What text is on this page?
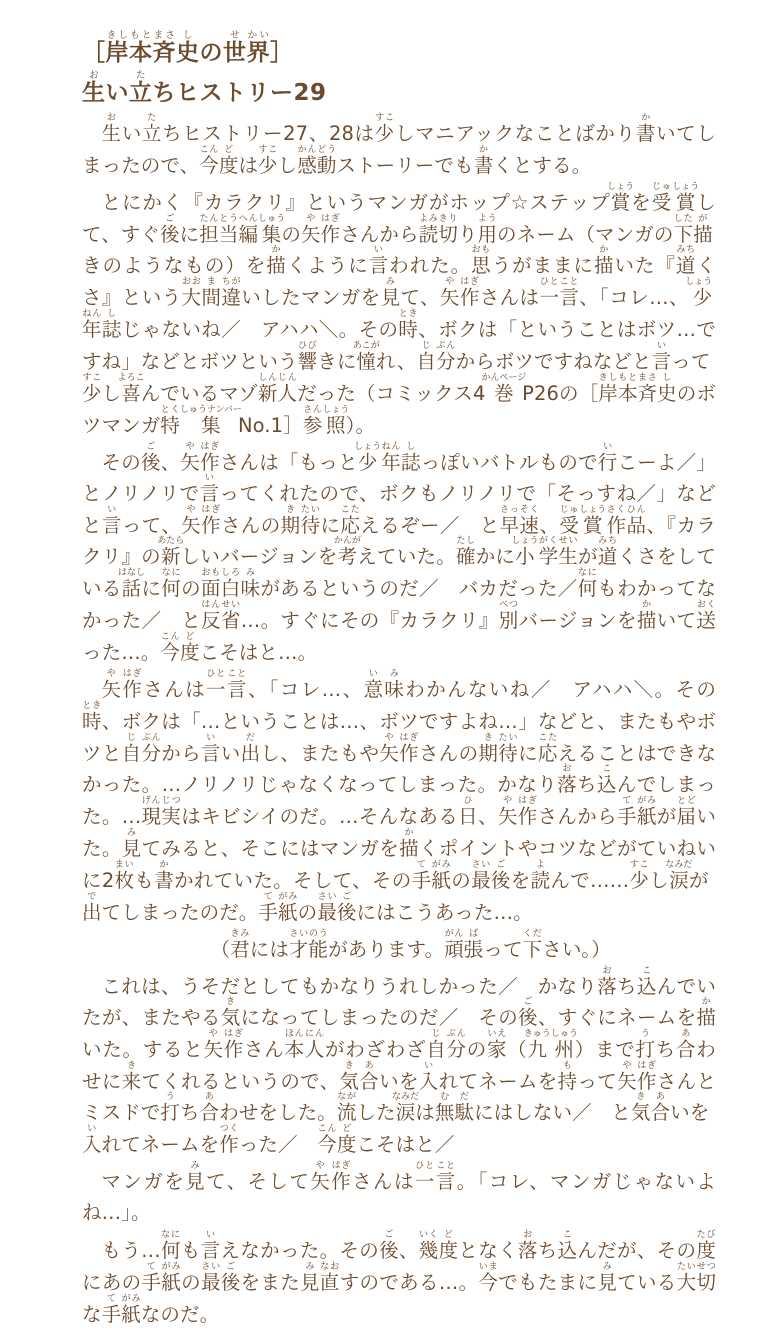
［岸きし本もと斉まさ史しの世せ界かい］
生おい立たちヒストリー29

生おい立たちヒストリー27、28は少すこしマニアックなことばかり書かいてしまったので、今こん度どは少すこし感かん動どうストーリーでも書かくとする。

とにかく『カラクリ』というマンガがホップ☆ステップ賞しょうを受じゅ賞しょうして、すぐ後ごに担たん当とう編へん集しゅうの矢や作はぎさんから読よみ切きりり用ようのネーム（マンガの下した描がきのようなもの）を描かくように言いわれた。思おもうがままに描かいた『道みちくさ』という大おお間ま違ちがいしたマンガを見みて、矢や作はぎさんは一ひと言こと、「コレ…、少しょう年ねん誌しじゃないね／　アハハ＼。その時とき、ボクは「ということはボツ…ですね」などとボツという響ひびきに憧あこがれ、自じ分ぶんからボツですねなどと言いって少すこし喜よろこんでいるマゾ新しん人じんだった（コミックス4巻かんページP26の［岸きし本もと斉まさ史しのボツマンガ特とく集しゅうナンバーNo.1］参さん照しょう）。

その後ご、矢や作はぎさんは「もっと少しょう年ねん誌しっぽいバトルもので行いこーよ／」とノリノリで言いってくれたので、ボクもノリノリで「そっすね／」などと言いって、矢や作はぎさんの期き待たいに応こたえるぞー／　と早さっ速そく、受じゅ賞しょう作さく品ひん、『カラクリ』の新あたらしいバージョンを考かんがえていた。確たしかに小しょう学がく生せいが道みちくさをしている話はなしに何なにの面おも白しろ味みがあるというのだ／　バカだった／何なにもわかってなかった／　と反はん省せい…。すぐにその『カラクリ』別べつバージョンを描かいて送おくった…。今こん度どこそはと…。

矢や作はぎさんは一ひと言こと、「コレ…、意い味みわかんないね／　アハハ＼。その時とき、ボクは「…ということは…、ボツですよね…」などと、またもやボツと自じ分ぶんから言いい出だし、またもや矢や作はぎさんの期き待たいに応こたえることはできなかった。…ノリノリじゃなくなってしまった。かなり落おち込こんでしまった。…現げん実じつはキビシイのだ。…そんなある日ひ、矢や作はぎさんから手て紙がみが届とどいた。見みてみると、そこにはマンガを描かくポイントやコツなどがていねいに2枚まいも書かかれていた。そして、その手て紙がみの最さい後ごを読よんで……少すこし涙なみだが出でてしまったのだ。手て紙がみの最さい後ごにはこうあった…。

（君きみには才さい能のうがあります。頑がん張ばって下ください。）

これは、うそだとしてもかなりうれしかった／　かなり落おち込こんでいたが、またやる気きになってしまったのだ／　その後ご、すぐにネームを描かいた。すると矢や作はぎさん本ほん人にんがわざわざ自じ分ぶんの家いえ（九きゅう州しゅう）まで打うち合あわせに来きてくれるというので、気き合あいを入いれてネームを持もって矢や作はぎさんとミスドで打うち合あわせをした。流ながした涙なみだは無む駄だにはしない／　と気き合あいを入いれてネームを作つくった／　今こん度どこそはと／

マンガを見みて、そして矢や作はぎさんは一ひと言こと。「コレ、マンガじゃないよね…」。

もう…何なにも言いえなかった。その後ご、幾いく度どとなく落おち込こんだが、その度たびにあの手て紙がみの最さい後ごをまた見み直なおすのである…。今いまでもたまに見みている大たい切せつな手て紙がみなのだ。
